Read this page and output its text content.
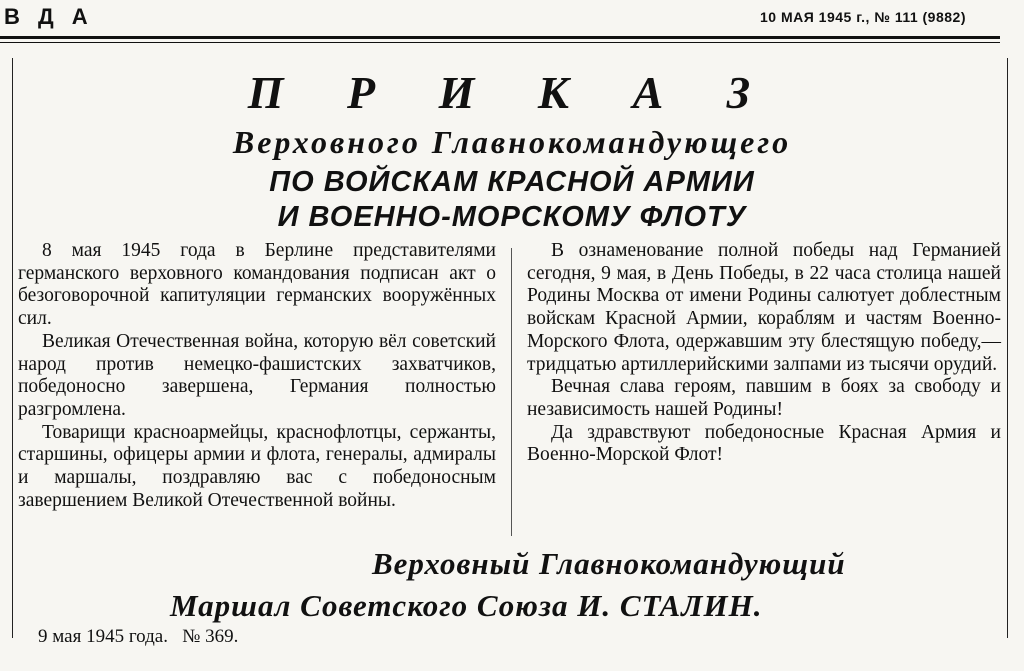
В Д А	10 МАЯ 1945 г., № 111 (9882)
П Р И К А З
Верховного Главнокомандующего
ПО ВОЙСКАМ КРАСНОЙ АРМИИ
И ВОЕННО-МОРСКОМУ ФЛОТУ

8 мая 1945 года в Берлине представителями германского верховного командования подписан акт о безоговорочной капитуляции германских вооружённых сил.

Великая Отечественная война, которую вёл советский народ против немецко-фашистских захватчиков, победоносно завершена, Германия полностью разгромлена.

Товарищи красноармейцы, краснофлотцы, сержанты, старшины, офицеры армии и флота, генералы, адмиралы и маршалы, поздравляю вас с победоносным завершением Великой Отечественной войны.

В ознаменование полной победы над Германией сегодня, 9 мая, в День Победы, в 22 часа столица нашей Родины Москва от имени Родины салютует доблестным войскам Красной Армии, кораблям и частям Военно-Морского Флота, одержавшим эту блестящую победу,— тридцатью артиллерийскими залпами из тысячи орудий.

Вечная слава героям, павшим в боях за свободу и независимость нашей Родины!

Да здравствуют победоносные Красная Армия и Военно-Морской Флот!

Верховный Главнокомандующий
Маршал Советского Союза И. СТАЛИН.
9 мая 1945 года.   № 369.
